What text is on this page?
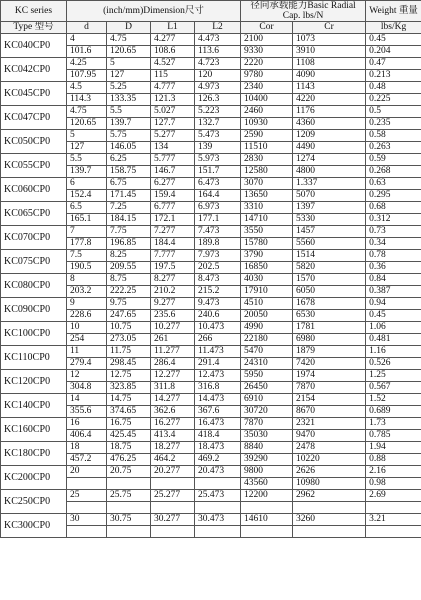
KC series	(inch/mm)Dimension尺寸				径向承载能力Basic Radial Cap. lbs/N		Weight 重量
Type 型号	d	D	L1	L2	Cor	Cr	lbs/Kg
KC040CP0	4	4.75	4.277	4.473	2100	1073	0.45
	101.6	120.65	108.6	113.6	9330	3910	0.204
KC042CP0	4.25	5	4.527	4.723	2220	1108	0.47
	107.95	127	115	120	9780	4090	0.213
KC045CP0	4.5	5.25	4.777	4.973	2340	1143	0.48
	114.3	133.35	121.3	126.3	10400	4220	0.225
KC047CP0	4.75	5.5	5.027	5.223	2460	1176	0.5
	120.65	139.7	127.7	132.7	10930	4360	0.235
KC050CP0	5	5.75	5.277	5.473	2590	1209	0.58
	127	146.05	134	139	11510	4490	0.263
KC055CP0	5.5	6.25	5.777	5.973	2830	1274	0.59
	139.7	158.75	146.7	151.7	12580	4800	0.268
KC060CP0	6	6.75	6.277	6.473	3070	1.337	0.63
	152.4	171.45	159.4	164.4	13650	5070	0.295
KC065CP0	6.5	7.25	6.777	6.973	3310	1397	0.68
	165.1	184.15	172.1	177.1	14710	5330	0.312
KC070CP0	7	7.75	7.277	7.473	3550	1457	0.73
	177.8	196.85	184.4	189.8	15780	5560	0.34
KC075CP0	7.5	8.25	7.777	7.973	3790	1514	0.78
	190.5	209.55	197.5	202.5	16850	5820	0.36
KC080CP0	8	8.75	8.277	8.473	4030	1570	0.84
	203.2	222.25	210.2	215.2	17910	6050	0.387
KC090CP0	9	9.75	9.277	9.473	4510	1678	0.94
	228.6	247.65	235.6	240.6	20050	6530	0.45
KC100CP0	10	10.75	10.277	10.473	4990	1781	1.06
	254	273.05	261	266	22180	6980	0.481
KC110CP0	11	11.75	11.277	11.473	5470	1879	1.16
	279.4	298.45	286.4	291.4	24310	7420	0.526
KC120CP0	12	12.75	12.277	12.473	5950	1974	1.25
	304.8	323.85	311.8	316.8	26450	7870	0.567
KC140CP0	14	14.75	14.277	14.473	6910	2154	1.52
	355.6	374.65	362.6	367.6	30720	8670	0.689
KC160CP0	16	16.75	16.277	16.473	7870	2321	1.73
	406.4	425.45	413.4	418.4	35030	9470	0.785
KC180CP0	18	18.75	18.277	18.473	8840	2478	1.94
	457.2	476.25	464.2	469.2	39290	10220	0.88
KC200CP0	20	20.75	20.277	20.473	9800	2626	2.16
					43560	10980	0.98
KC250CP0	25	25.75	25.277	25.473	12200	2962	2.69

KC300CP0	30	30.75	30.277	30.473	14610	3260	3.21
